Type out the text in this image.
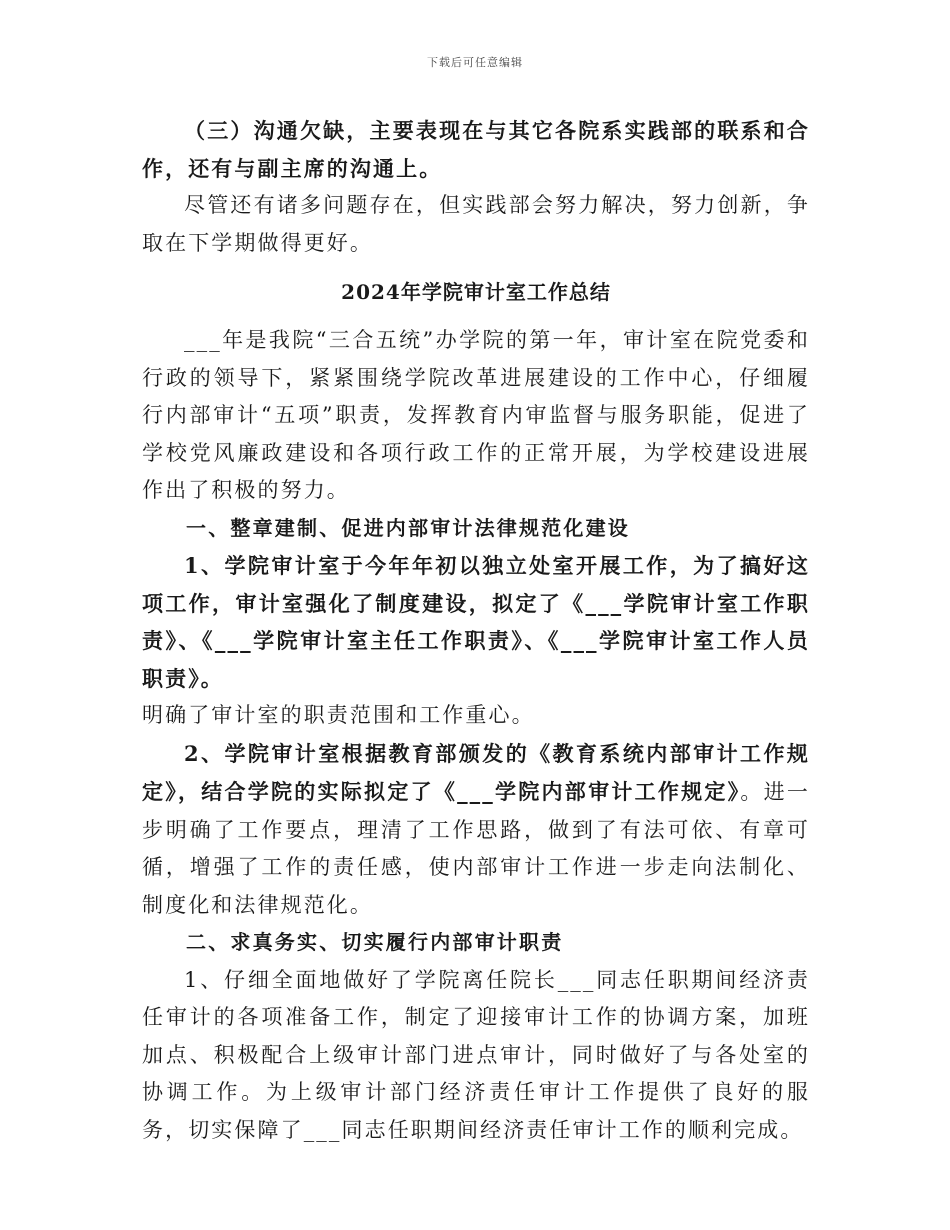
下载后可任意编辑

（三）沟通欠缺，主要表现在与其它各院系实践部的联系和合作，还有与副主席的沟通上。

尽管还有诸多问题存在，但实践部会努力解决，努力创新，争取在下学期做得更好。

2024年学院审计室工作总结

___年是我院“三合五统”办学院的第一年，审计室在院党委和行政的领导下，紧紧围绕学院改革进展建设的工作中心，仔细履行内部审计“五项”职责，发挥教育内审监督与服务职能，促进了学校党风廉政建设和各项行政工作的正常开展，为学校建设进展作出了积极的努力。

一、整章建制、促进内部审计法律规范化建设

1、学院审计室于今年年初以独立处室开展工作，为了搞好这项工作，审计室强化了制度建设，拟定了《___学院审计室工作职责》、《___学院审计室主任工作职责》、《___学院审计室工作人员职责》。

明确了审计室的职责范围和工作重心。

2、学院审计室根据教育部颁发的《教育系统内部审计工作规定》，结合学院的实际拟定了《___学院内部审计工作规定》。进一步明确了工作要点，理清了工作思路，做到了有法可依、有章可循，增强了工作的责任感，使内部审计工作进一步走向法制化、制度化和法律规范化。

二、求真务实、切实履行内部审计职责

1、仔细全面地做好了学院离任院长___同志任职期间经济责任审计的各项准备工作，制定了迎接审计工作的协调方案，加班加点、积极配合上级审计部门进点审计，同时做好了与各处室的协调工作。为上级审计部门经济责任审计工作提供了良好的服务，切实保障了___同志任职期间经济责任审计工作的顺利完成。
